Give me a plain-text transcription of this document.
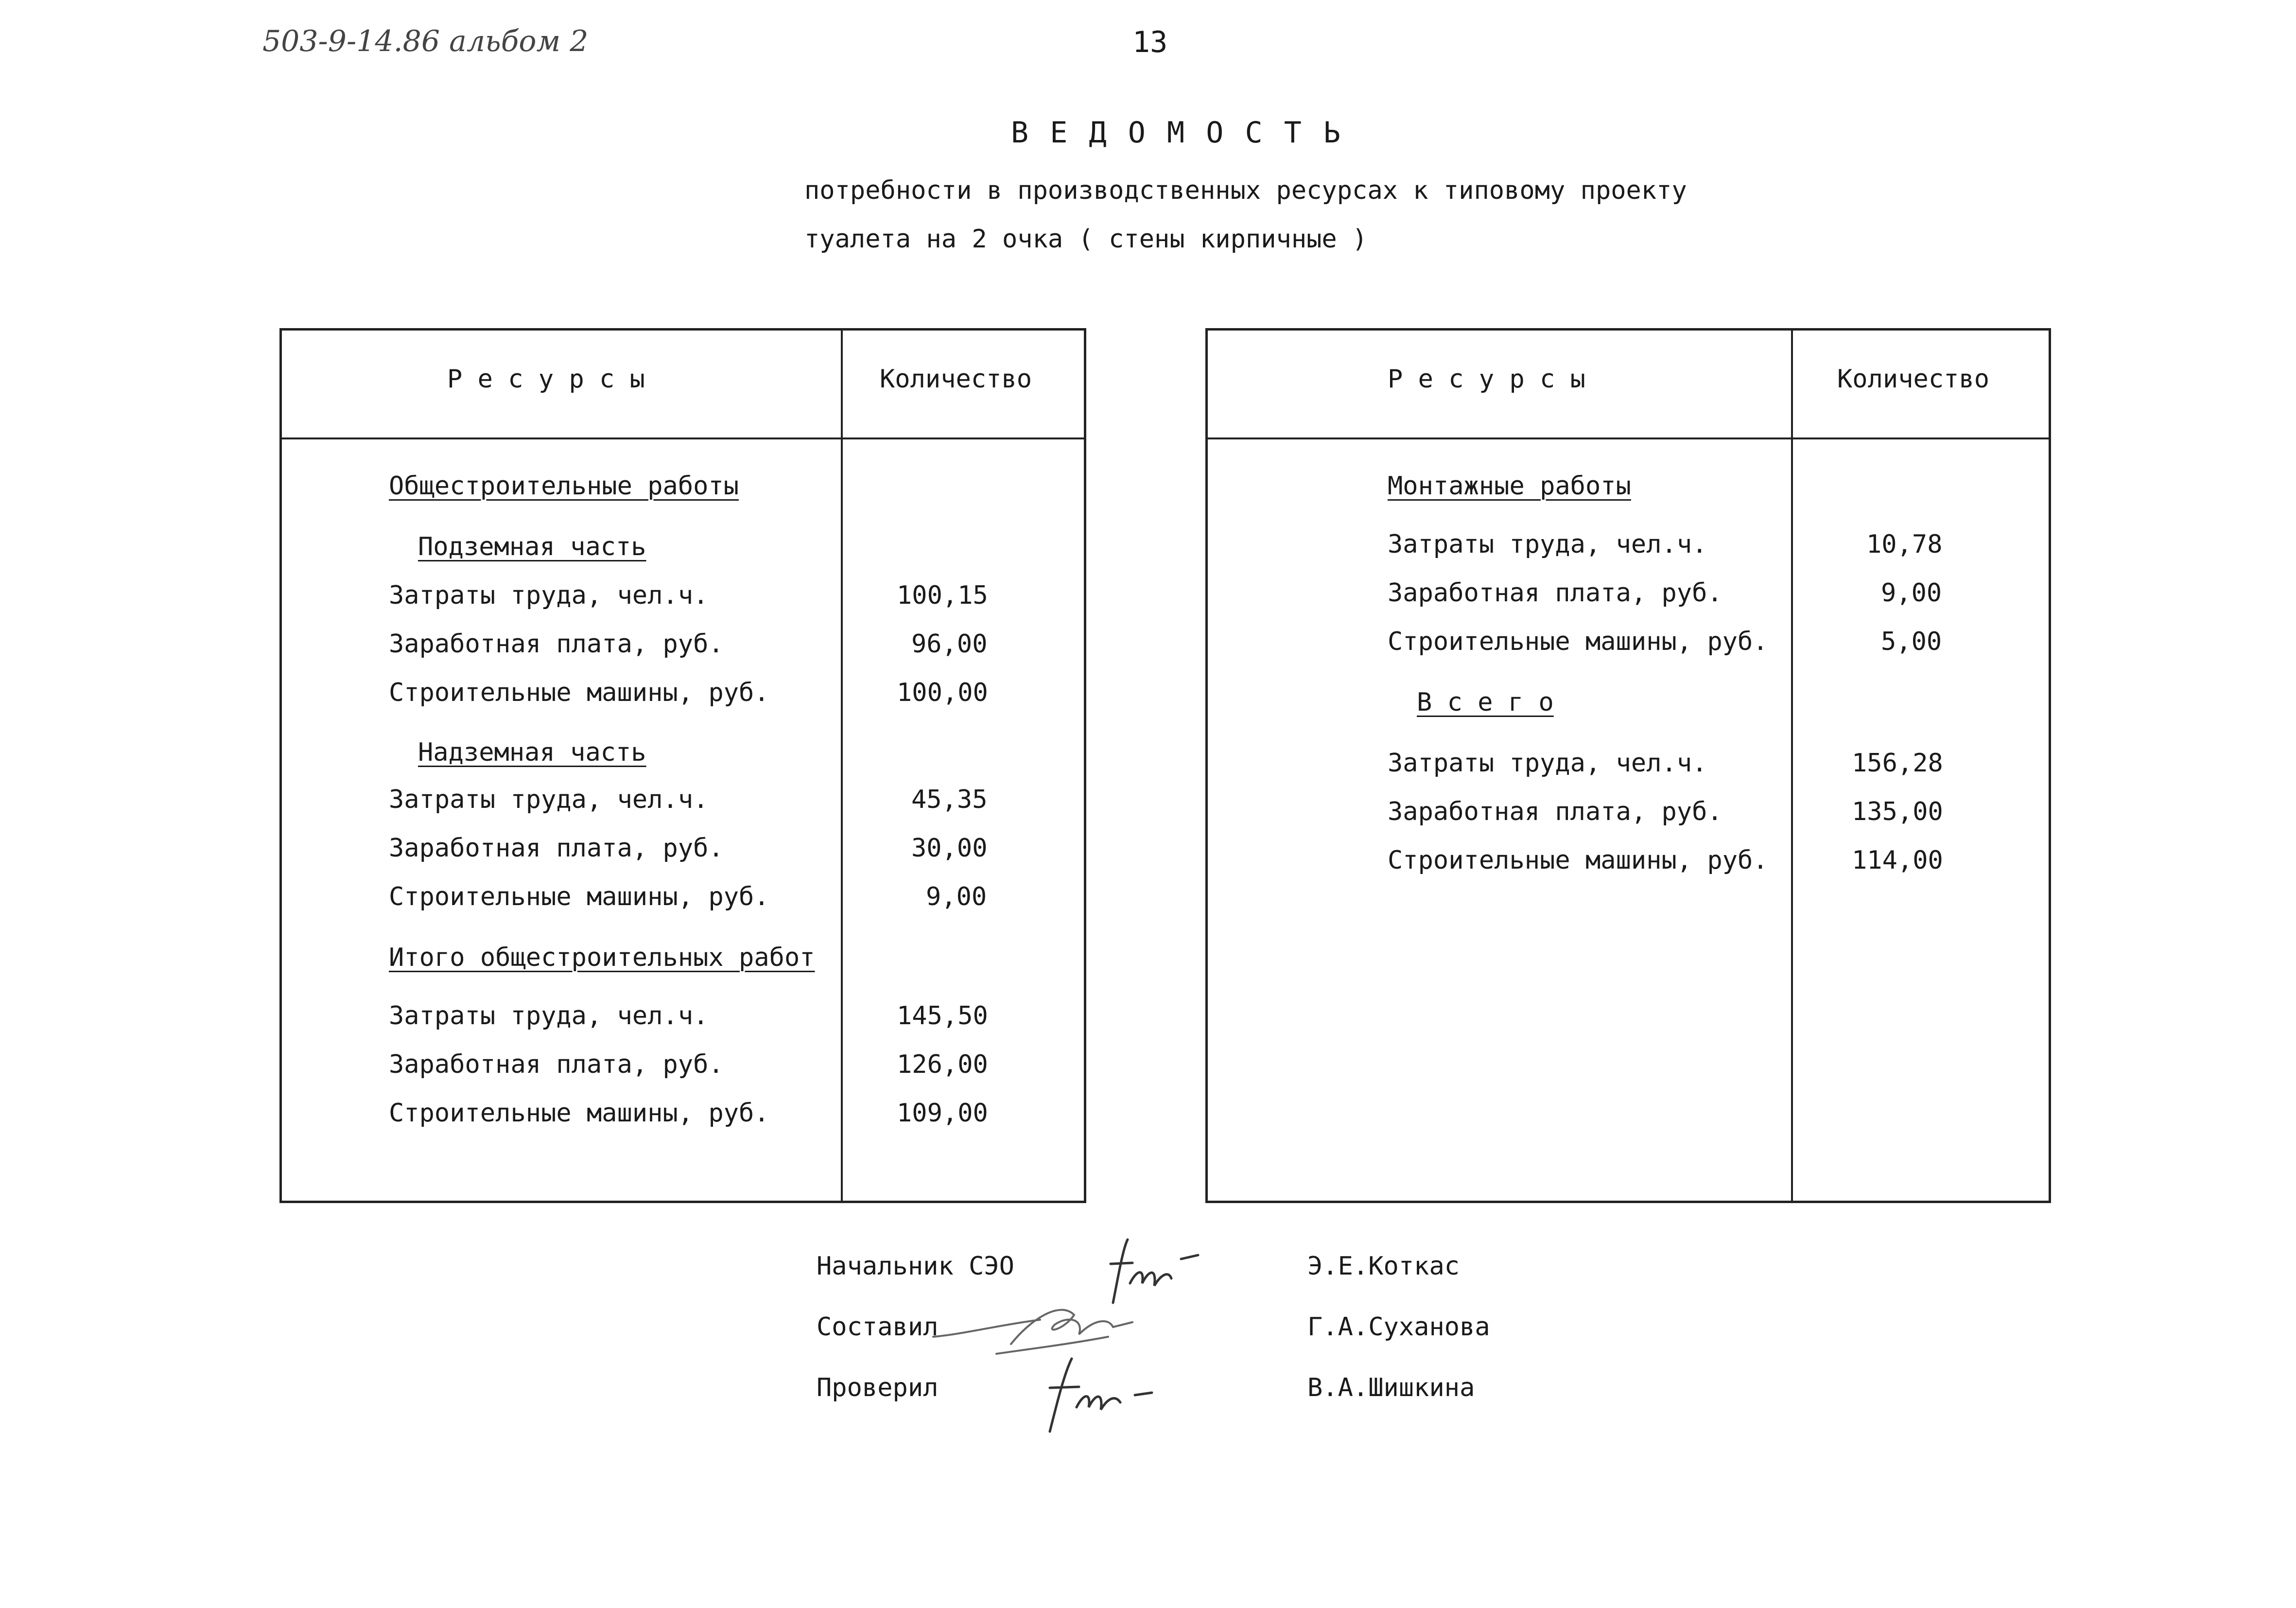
503-9-14.86 альбом 2	13
В Е Д О М О С Т Ь
потребности в производственных ресурсах к типовому проекту
туалета на 2 очка ( стены кирпичные )
Р е с у р с ы	Количество
Общестроительные работы
Подземная часть
Затраты труда, чел.ч.	100,15
Заработная плата, руб.	96,00
Строительные машины, руб.	100,00
Надземная часть
Затраты труда, чел.ч.	45,35
Заработная плата, руб.	30,00
Строительные машины, руб.	9,00
Итого общестроительных работ
Затраты труда, чел.ч.	145,50
Заработная плата, руб.	126,00
Строительные машины, руб.	109,00
Р е с у р с ы	Количество
Монтажные работы
Затраты труда, чел.ч.	10,78
Заработная плата, руб.	9,00
Строительные машины, руб.	5,00
В с е г о
Затраты труда, чел.ч.	156,28
Заработная плата, руб.	135,00
Строительные машины, руб.	114,00
Начальник СЭО	Э.Е.Коткас
Составил	Г.А.Суханова
Проверил	В.А.Шишкина
